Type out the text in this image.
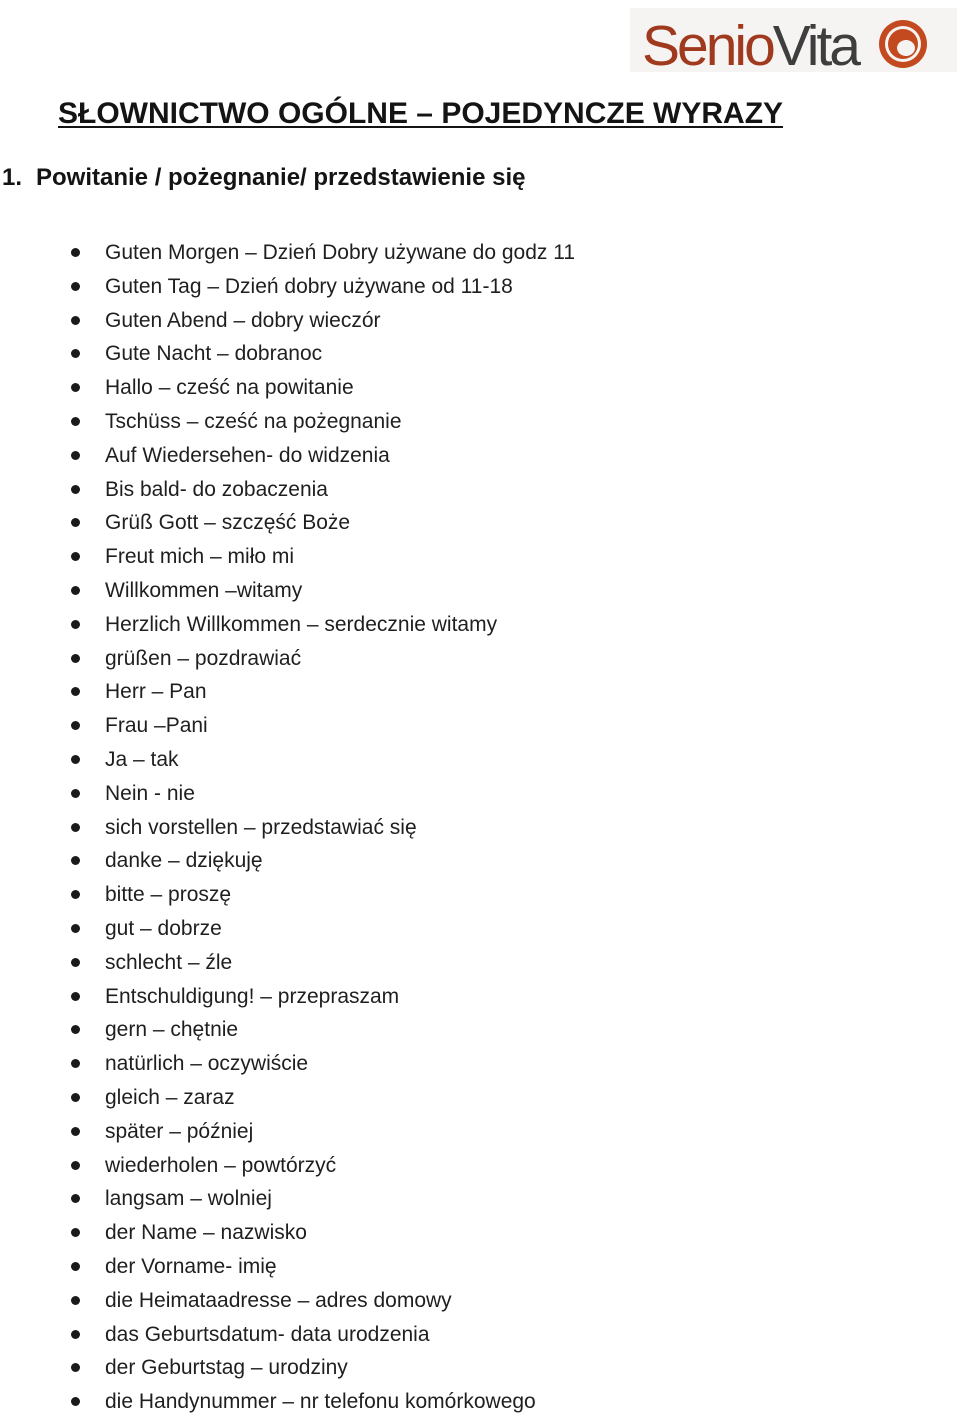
SenioVita
SŁOWNICTWO OGÓLNE – POJEDYNCZE WYRAZY
1. Powitanie / pożegnanie/ przedstawienie się
Guten Morgen – Dzień Dobry używane do godz 11
Guten Tag – Dzień dobry używane od 11-18
Guten Abend – dobry wieczór
Gute Nacht – dobranoc
Hallo – cześć na powitanie
Tschüss – cześć na pożegnanie
Auf Wiedersehen- do widzenia
Bis bald- do zobaczenia
Grüß Gott – szczęść Boże
Freut mich – miło mi
Willkommen –witamy
Herzlich Willkommen – serdecznie witamy
grüßen – pozdrawiać
Herr – Pan
Frau –Pani
Ja – tak
Nein - nie
sich vorstellen – przedstawiać się
danke – dziękuję
bitte – proszę
gut – dobrze
schlecht – źle
Entschuldigung! – przepraszam
gern – chętnie
natürlich – oczywiście
gleich – zaraz
später – później
wiederholen – powtórzyć
langsam – wolniej
der Name – nazwisko
der Vorname- imię
die Heimataadresse – adres domowy
das Geburtsdatum- data urodzenia
der Geburtstag – urodziny
die Handynummer – nr telefonu komórkowego
